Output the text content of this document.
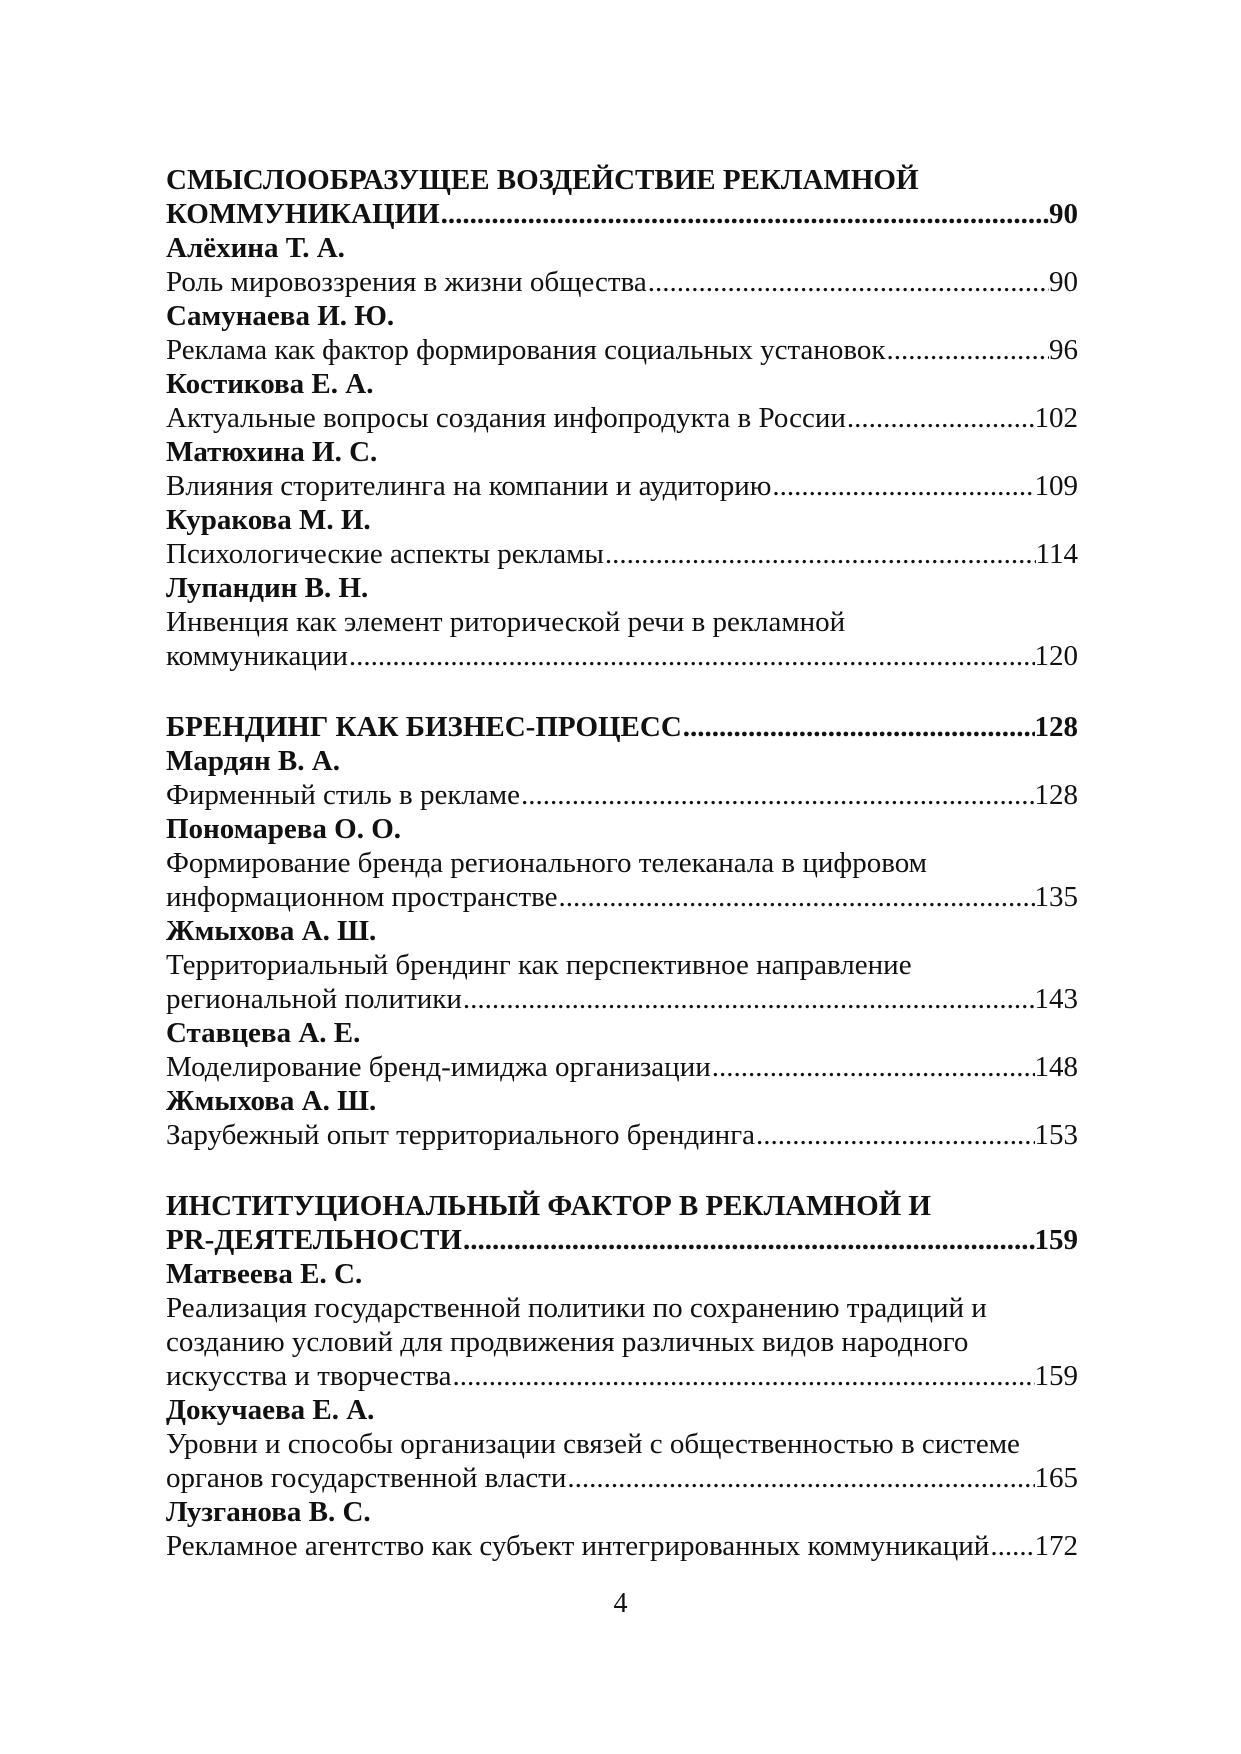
СМЫСЛООБРАЗУЩЕЕ ВОЗДЕЙСТВИЕ РЕКЛАМНОЙ
КОММУНИКАЦИИ .....	90
Алёхина Т. А.
Роль мировоззрения в жизни общества .....	90
Самунаева И. Ю.
Реклама как фактор формирования социальных установок .....	96
Костикова Е. А.
Актуальные вопросы создания инфопродукта в России .....	102
Матюхина И. С.
Влияния сторителинга на компании и аудиторию .....	109
Куракова М. И.
Психологические аспекты рекламы .....	114
Лупандин В. Н.
Инвенция как элемент риторической речи в рекламной
коммуникации .....	120
БРЕНДИНГ КАК БИЗНЕС-ПРОЦЕСС .....	128
Мардян В. А.
Фирменный стиль в рекламе .....	128
Пономарева О. О.
Формирование бренда регионального телеканала в цифровом
информационном пространстве .....	135
Жмыхова А. Ш.
Территориальный брендинг как перспективное направление
региональной политики .....	143
Ставцева А. Е.
Моделирование бренд-имиджа организации .....	148
Жмыхова А. Ш.
Зарубежный опыт территориального брендинга .....	153
ИНСТИТУЦИОНАЛЬНЫЙ ФАКТОР В РЕКЛАМНОЙ И
PR-ДЕЯТЕЛЬНОСТИ .....	159
Матвеева Е. С.
Реализация государственной политики по сохранению традиций и
созданию условий для продвижения различных видов народного
искусства и творчества .....	159
Докучаева Е. А.
Уровни и способы организации связей с общественностью в системе
органов государственной власти .....	165
Лузганова В. С.
Рекламное агентство как субъект интегрированных коммуникаций ..... 172
4
